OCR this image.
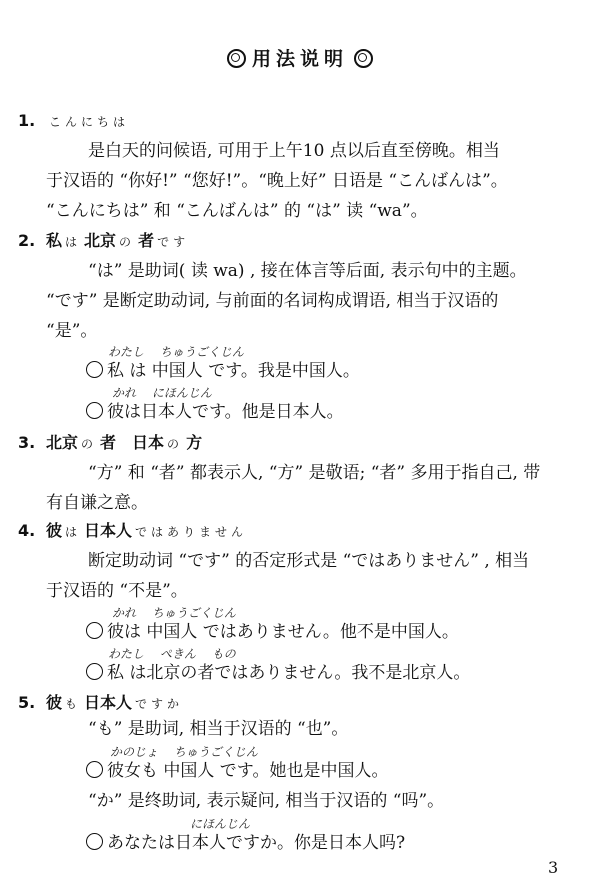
用法说明
1. こんにちは
是白天的问候语, 可用于上午10 点以后直至傍晚。相当
于汉语的 “你好!” “您好!”。“晚上好” 日语是 “こんばんは”。
“こんにちは” 和 “こんばんは” 的 “は” 读 “wa”。
2. 私 は 北京 の 者 です
“は” 是助词( 读 wa) , 接在体言等后面, 表示句中的主题。
“です” 是断定助动词, 与前面的名词构成谓语, 相当于汉语的
“是”。
わたし　 ちゅうごくじん
私 は 中国人 です。我是中国人。
かれ　 にほんじん
彼は日本人です。他是日本人。
3. 北京 の 者　日本 の 方
“方” 和 “者” 都表示人, “方” 是敬语; “者” 多用于指自己, 带
有自谦之意。
4. 彼 は 日本人 ではありません
断定助动词 “です” 的否定形式是 “ではありません” , 相当
于汉语的 “不是”。
かれ　 ちゅうごくじん
彼は 中国人 ではありません。他不是中国人。
わたし　 ぺきん　 もの
私 は北京の者ではありません。我不是北京人。
5. 彼 も 日本人 ですか
“も” 是助词, 相当于汉语的 “也”。
かのじょ　 ちゅうごくじん
彼女も 中国人 です。她也是中国人。
“か” 是终助词, 表示疑问, 相当于汉语的 “吗”。
にほんじん
あなたは日本人ですか。你是日本人吗?
3
